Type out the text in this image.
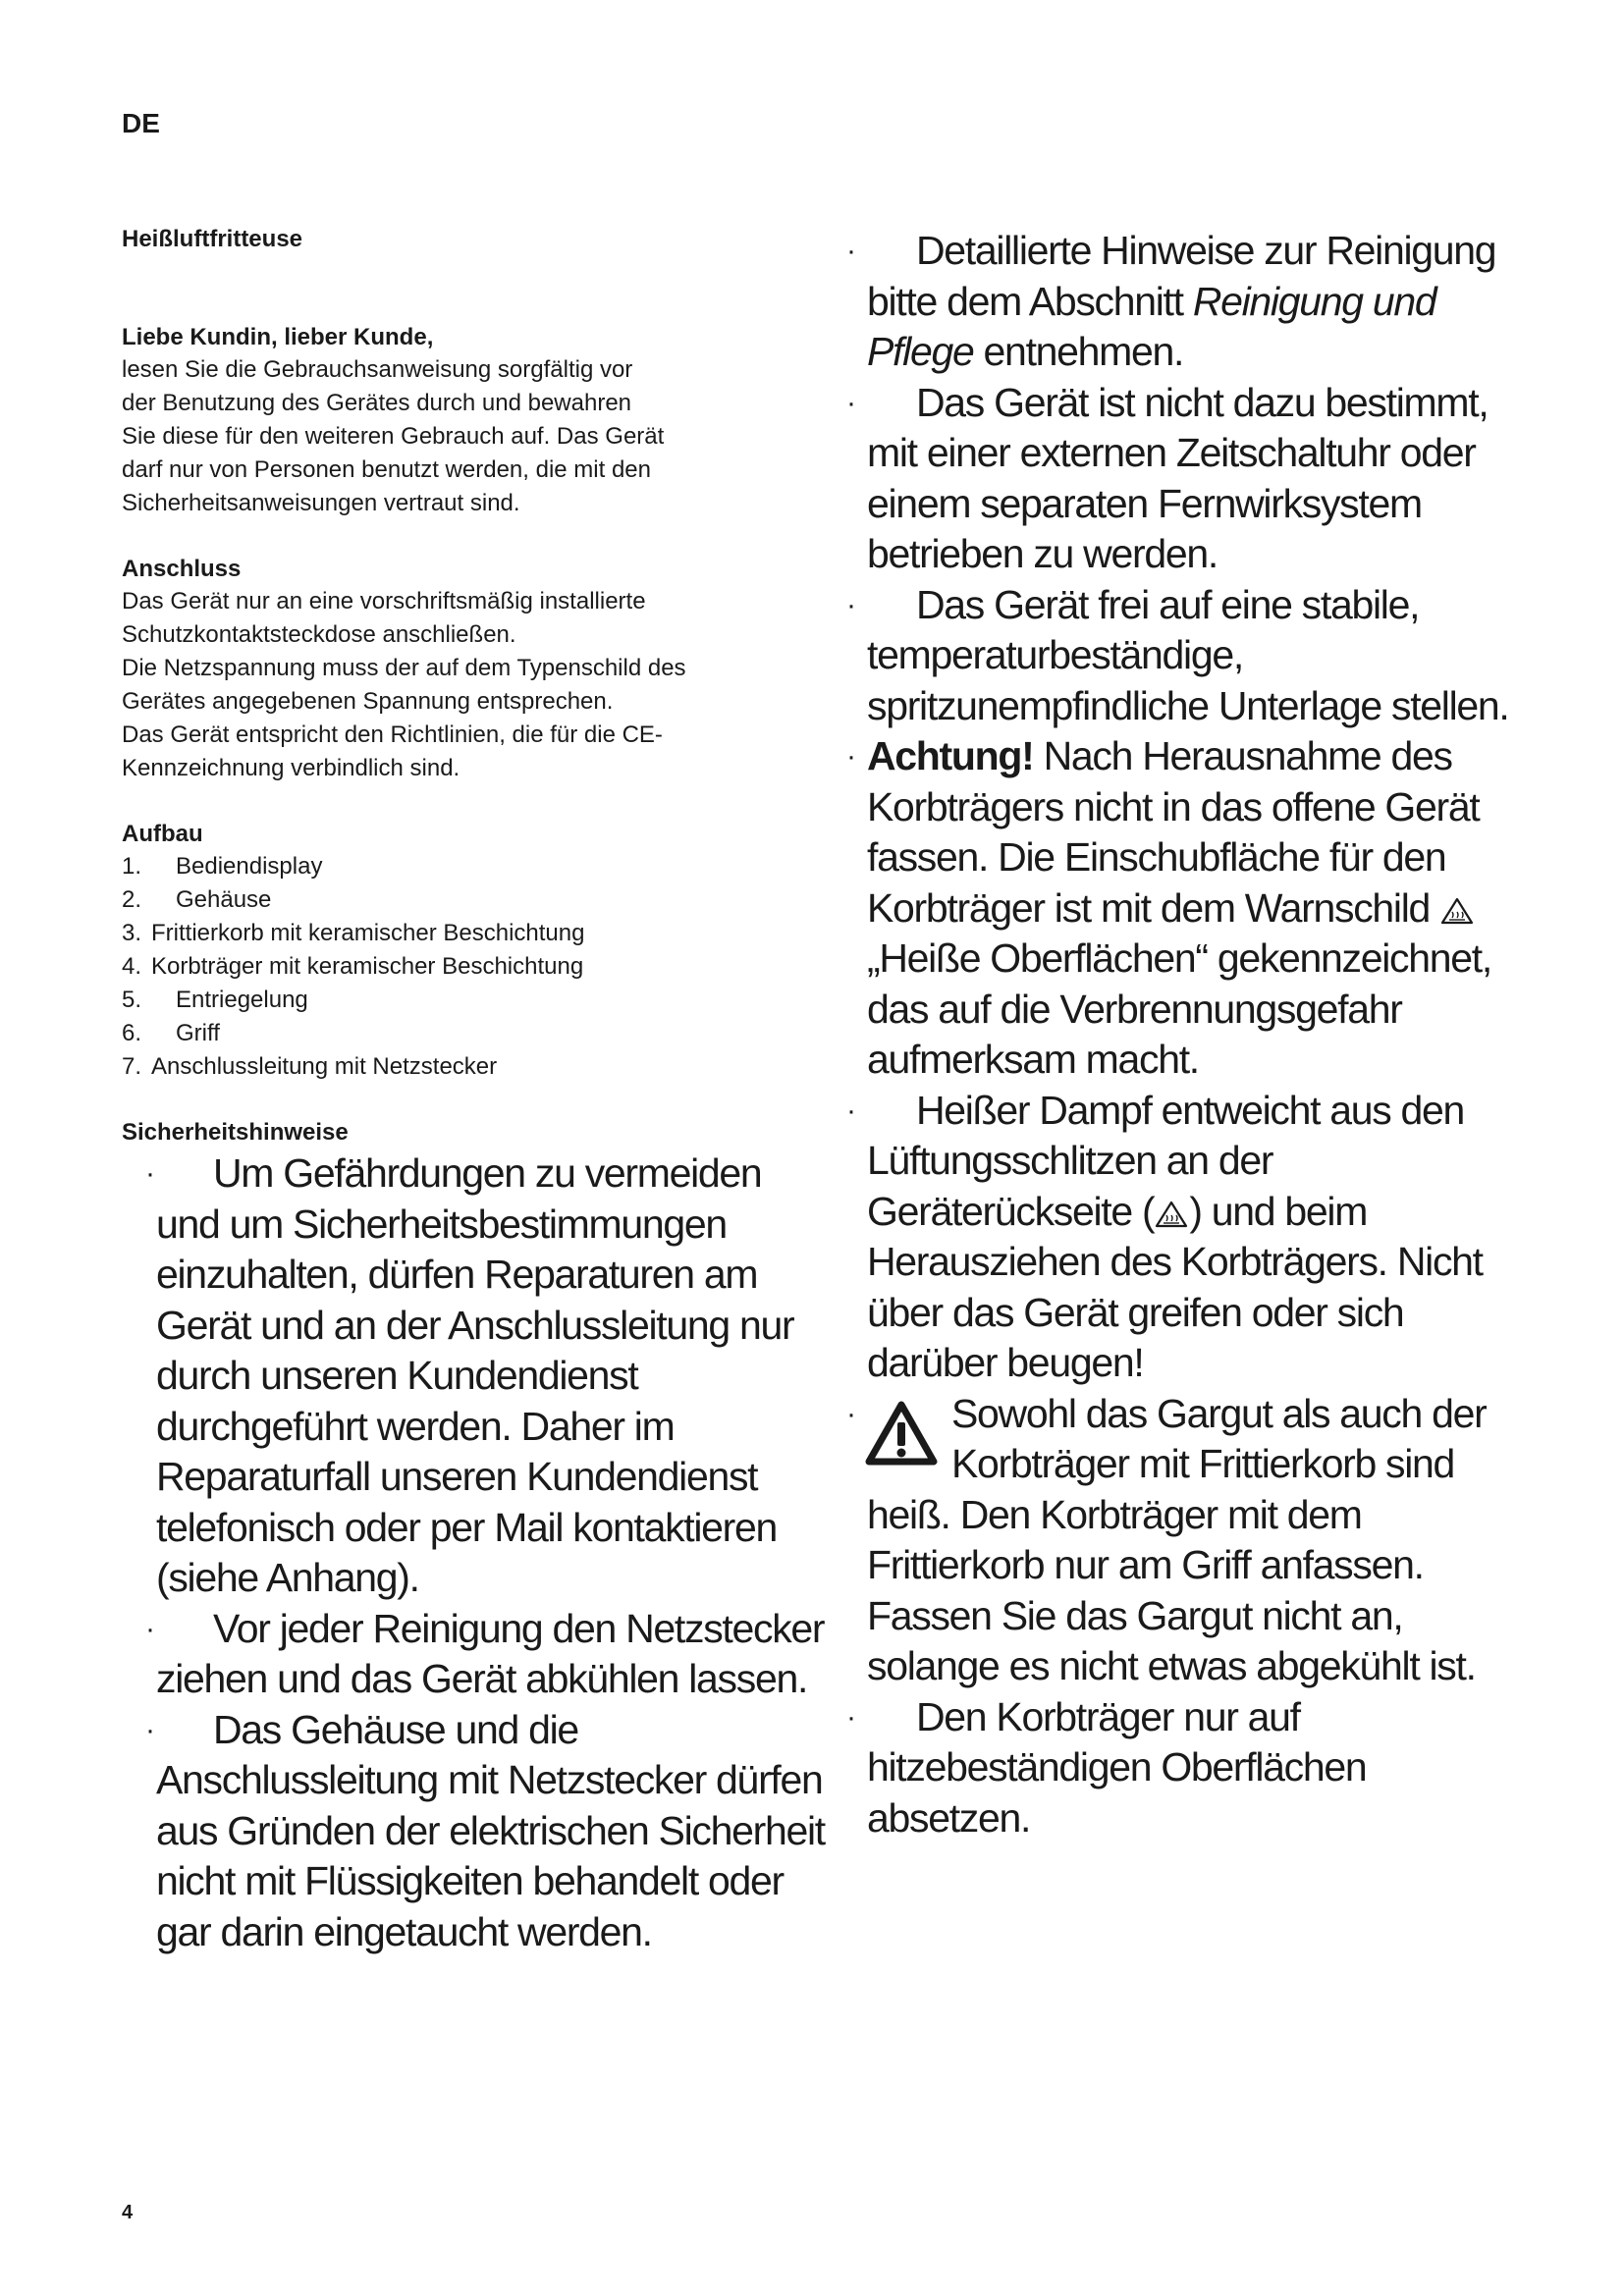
DE
Heißluftfritteuse

Liebe Kundin, lieber Kunde,

lesen Sie die Gebrauchsanweisung sorgfältig vor

der Benutzung des Gerätes durch und bewahren

Sie diese für den weiteren Gebrauch auf. Das Gerät

darf nur von Personen benutzt werden, die mit den

Sicherheitsanweisungen vertraut sind.

Anschluss

Das Gerät nur an eine vorschriftsmäßig installierte

Schutzkontaktsteckdose anschließen.

Die Netzspannung muss der auf dem Typenschild des

Gerätes angegebenen Spannung entsprechen.

Das Gerät entspricht den Richtlinien, die für die CE-

Kennzeichnung verbindlich sind.

Aufbau

1.	Bediendisplay
2.	Gehäuse
3. Frittierkorb mit keramischer Beschichtung
4. Korbträger mit keramischer Beschichtung
5.	Entriegelung
6.	Griff
7. Anschlussleitung mit Netzstecker

Sicherheitshinweise

· Um Gefährdungen zu vermeiden und um Sicherheitsbestimmungen einzuhalten, dürfen Reparaturen am Gerät und an der Anschlussleitung nur durch unseren Kundendienst durchgeführt werden. Daher im Reparaturfall unseren Kundendienst telefonisch oder per Mail kontaktieren (siehe Anhang).
· Vor jeder Reinigung den Netzstecker ziehen und das Gerät abkühlen lassen.
· Das Gehäuse und die Anschlussleitung mit Netzstecker dürfen aus Gründen der elektrischen Sicherheit nicht mit Flüssigkeiten behandelt oder gar darin eingetaucht werden.
· Detaillierte Hinweise zur Reinigung bitte dem Abschnitt Reinigung und Pflege entnehmen.
· Das Gerät ist nicht dazu bestimmt, mit einer externen Zeitschaltuhr oder einem separaten Fernwirksystem betrieben zu werden.
· Das Gerät frei auf eine stabile, temperaturbeständige, spritzunempfindliche Unterlage stellen.
· Achtung! Nach Herausnahme des Korbträgers nicht in das offene Gerät fassen. Die Einschubfläche für den Korbträger ist mit dem Warnschild  „Heiße Oberflächen“ gekennzeichnet, das auf die Verbrennungsgefahr aufmerksam macht.
· Heißer Dampf entweicht aus den Lüftungsschlitzen an der Geräterückseite ( ) und beim Herausziehen des Korbträgers. Nicht über das Gerät greifen oder sich darüber beugen!
· Sowohl das Gargut als auch der Korbträger mit Frittierkorb sind heiß. Den Korbträger mit dem Frittierkorb nur am Griff anfassen. Fassen Sie das Gargut nicht an, solange es nicht etwas abgekühlt ist.
· Den Korbträger nur auf hitzebeständigen Oberflächen absetzen.
4
